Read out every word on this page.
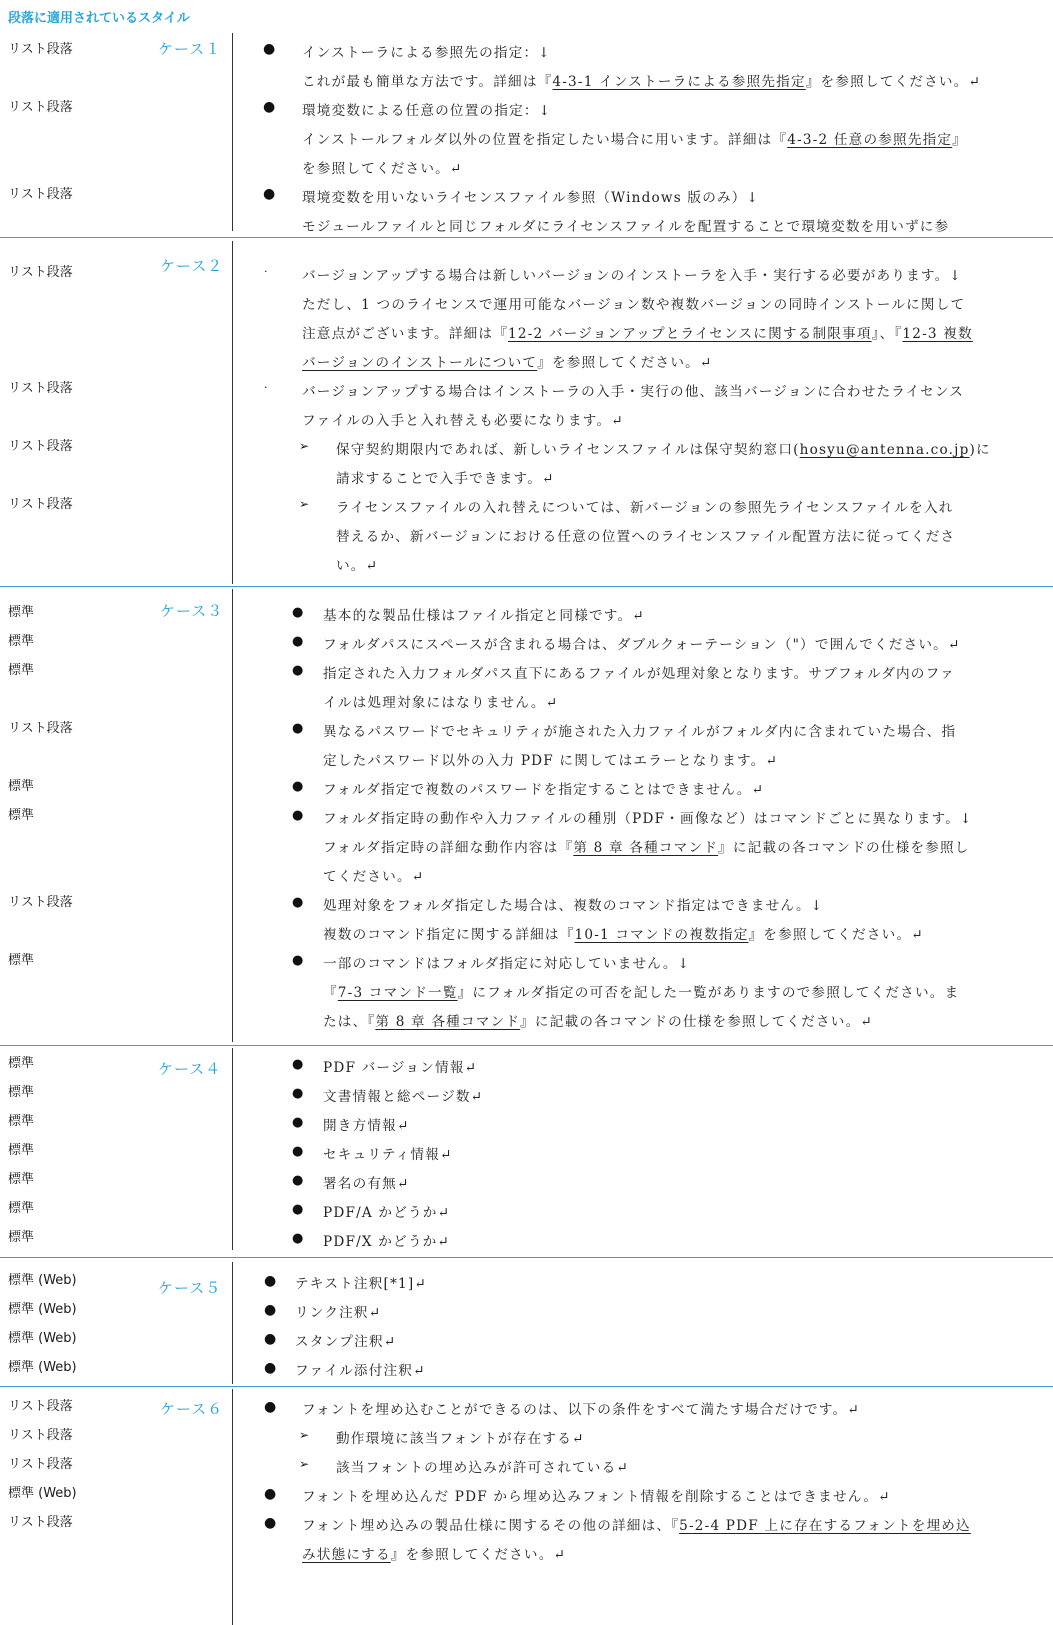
段落に適用されているスタイル
ケース１
リスト段落
リスト段落
リスト段落
● インストーラによる参照先の指定：↓
これが最も簡単な方法です。詳細は『4-3-1 インストーラによる参照先指定』を参照してください。↵
● 環境変数による任意の位置の指定：↓
インストールフォルダ以外の位置を指定したい場合に用います。詳細は『4-3-2 任意の参照先指定』
を参照してください。↵
● 環境変数を用いないライセンスファイル参照（Windows 版のみ）↓
モジュールファイルと同じフォルダにライセンスファイルを配置することで環境変数を用いずに参
ケース２
リスト段落
リスト段落
リスト段落
リスト段落
·	バージョンアップする場合は新しいバージョンのインストーラを入手・実行する必要があります。↓
ただし、1 つのライセンスで運用可能なバージョン数や複数バージョンの同時インストールに関して
注意点がございます。詳細は『12-2 バージョンアップとライセンスに関する制限事項』、『12-3 複数
バージョンのインストールについて』を参照してください。↵
·	バージョンアップする場合はインストーラの入手・実行の他、該当バージョンに合わせたライセンス
ファイルの入手と入れ替えも必要になります。↵
➢ 保守契約期限内であれば、新しいライセンスファイルは保守契約窓口(hosyu@antenna.co.jp)に
請求することで入手できます。↵
➢ ライセンスファイルの入れ替えについては、新バージョンの参照先ライセンスファイルを入れ
替えるか、新バージョンにおける任意の位置へのライセンスファイル配置方法に従ってくださ
い。↵
ケース３
標準
標準
標準
リスト段落
標準
標準
リスト段落
標準
● 基本的な製品仕様はファイル指定と同様です。↵
● フォルダパスにスペースが含まれる場合は、ダブルクォーテーション（"）で囲んでください。↵
● 指定された入力フォルダパス直下にあるファイルが処理対象となります。サブフォルダ内のファ
イルは処理対象にはなりません。↵
● 異なるパスワードでセキュリティが施された入力ファイルがフォルダ内に含まれていた場合、指
定したパスワード以外の入力 PDF に関してはエラーとなります。↵
● フォルダ指定で複数のパスワードを指定することはできません。↵
● フォルダ指定時の動作や入力ファイルの種別（PDF・画像など）はコマンドごとに異なります。↓
フォルダ指定時の詳細な動作内容は『第 8 章 各種コマンド』に記載の各コマンドの仕様を参照し
てください。↵
● 処理対象をフォルダ指定した場合は、複数のコマンド指定はできません。↓
複数のコマンド指定に関する詳細は『10-1 コマンドの複数指定』を参照してください。↵
● 一部のコマンドはフォルダ指定に対応していません。↓
『7-3 コマンド一覧』にフォルダ指定の可否を記した一覧がありますので参照してください。ま
たは、『第 8 章 各種コマンド』に記載の各コマンドの仕様を参照してください。↵
ケース４
標準
標準
標準
標準
標準
標準
標準
● PDF バージョン情報↵
● 文書情報と総ページ数↵
● 開き方情報↵
● セキュリティ情報↵
● 署名の有無↵
● PDF/A かどうか↵
● PDF/X かどうか↵
ケース５
標準 (Web)
標準 (Web)
標準 (Web)
標準 (Web)
● テキスト注釈[*1]↵
● リンク注釈↵
● スタンプ注釈↵
● ファイル添付注釈↵
ケース６
リスト段落
リスト段落
リスト段落
標準 (Web)
リスト段落
● フォントを埋め込むことができるのは、以下の条件をすべて満たす場合だけです。↵
➢ 動作環境に該当フォントが存在する↵
➢ 該当フォントの埋め込みが許可されている↵
● フォントを埋め込んだ PDF から埋め込みフォント情報を削除することはできません。↵
● フォント埋め込みの製品仕様に関するその他の詳細は、『5-2-4 PDF 上に存在するフォントを埋め込
み状態にする』を参照してください。↵
